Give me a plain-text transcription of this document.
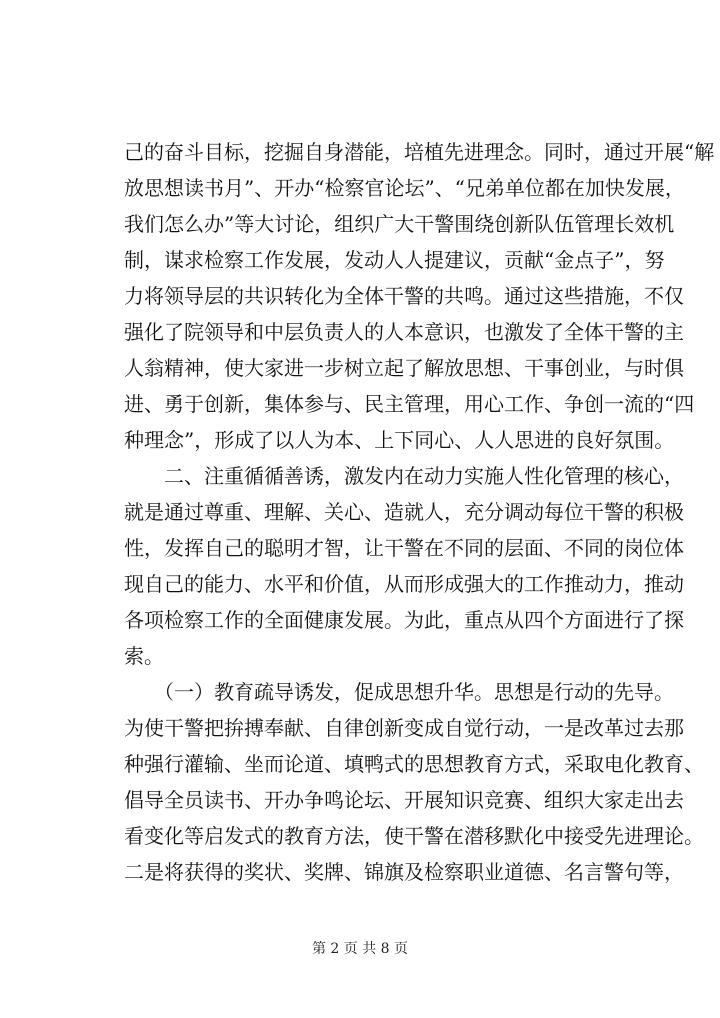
己的奋斗目标，挖掘自身潜能，培植先进理念。同时，通过开展“解
放思想读书月”、开办“检察官论坛”、“兄弟单位都在加快发展，
我们怎么办”等大讨论，组织广大干警围绕创新队伍管理长效机
制，谋求检察工作发展，发动人人提建议，贡献“金点子”，努
力将领导层的共识转化为全体干警的共鸣。通过这些措施，不仅
强化了院领导和中层负责人的人本意识，也激发了全体干警的主
人翁精神，使大家进一步树立起了解放思想、干事创业，与时俱
进、勇于创新，集体参与、民主管理，用心工作、争创一流的“四
种理念”，形成了以人为本、上下同心、人人思进的良好氛围。
　　二、注重循循善诱，激发内在动力实施人性化管理的核心，
就是通过尊重、理解、关心、造就人，充分调动每位干警的积极
性，发挥自己的聪明才智，让干警在不同的层面、不同的岗位体
现自己的能力、水平和价值，从而形成强大的工作推动力，推动
各项检察工作的全面健康发展。为此，重点从四个方面进行了探
索。
　　（一）教育疏导诱发，促成思想升华。思想是行动的先导。
为使干警把拚搏奉献、自律创新变成自觉行动，一是改革过去那
种强行灌输、坐而论道、填鸭式的思想教育方式，采取电化教育、
倡导全员读书、开办争鸣论坛、开展知识竞赛、组织大家走出去
看变化等启发式的教育方法，使干警在潜移默化中接受先进理论。
二是将获得的奖状、奖牌、锦旗及检察职业道德、名言警句等，
第 2 页 共 8 页
